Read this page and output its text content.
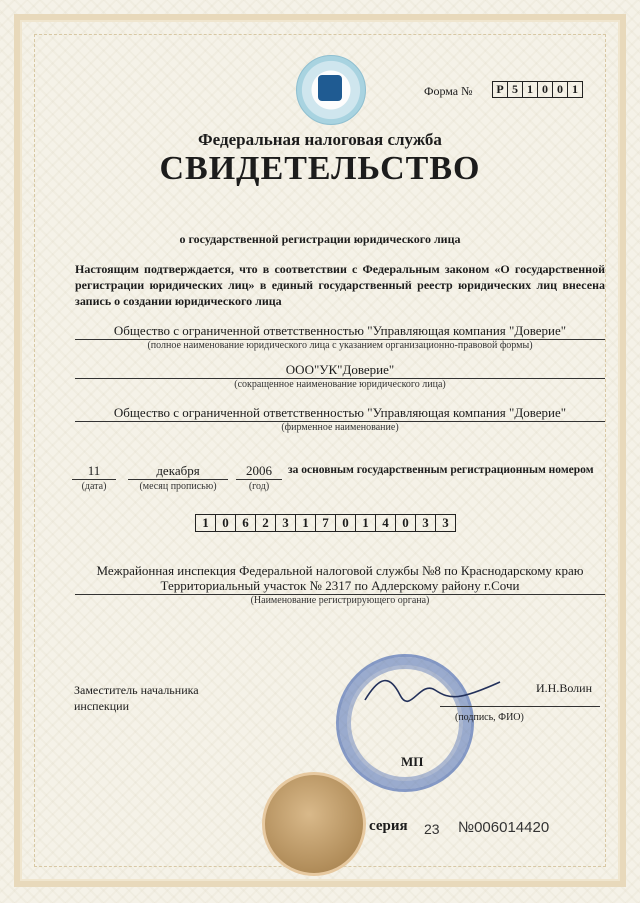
Форма №	Р 5 1 0 0 1
Федеральная налоговая служба
СВИДЕТЕЛЬСТВО
о государственной регистрации юридического лица
Настоящим подтверждается, что в соответствии с Федеральным законом «О государственной регистрации юридических лиц» в единый государственный реестр юридических лиц внесена запись о создании юридического лица
Общество с ограниченной ответственностью "Управляющая компания "Доверие"
(полное наименование юридического лица с указанием организационно-правовой формы)
ООО"УК"Доверие"
(сокращенное наименование юридического лица)
Общество с ограниченной ответственностью "Управляющая компания "Доверие"
(фирменное наименование)
11
(дата)
декабря
(месяц прописью)
2006
(год)
за основным государственным регистрационным номером
1	0	6	2	3	1	7	0	1	4	0	3	3
Межрайонная инспекция Федеральной налоговой службы №8 по Краснодарскому краю
Территориальный участок № 2317 по Адлерскому району г.Сочи
(Наименование регистрирующего органа)
Заместитель начальника
инспекции
И.Н.Волин
(подпись, ФИО)
МП
серия 23 №006014420
